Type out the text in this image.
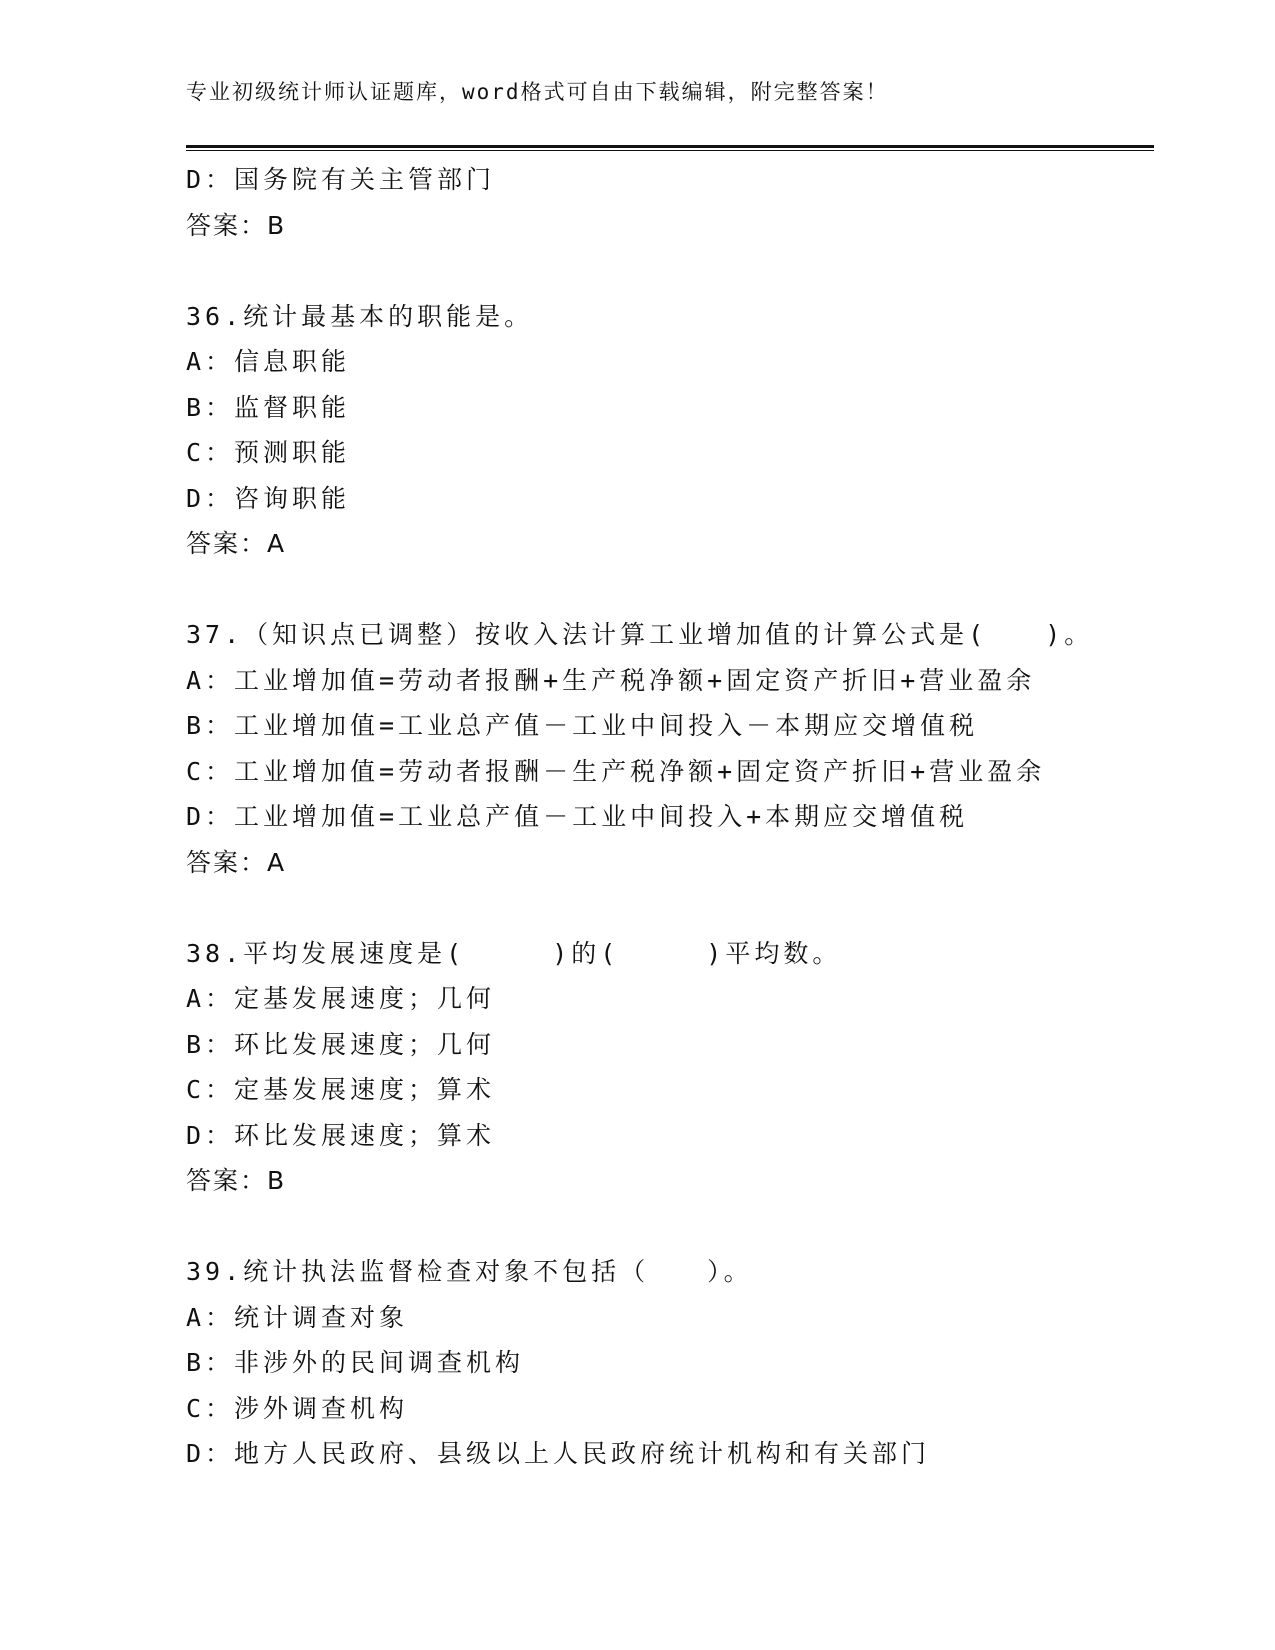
专业初级统计师认证题库，word格式可自由下载编辑，附完整答案！
D：国务院有关主管部门
答案：B
36.统计最基本的职能是。
A：信息职能
B：监督职能
C：预测职能
D：咨询职能
答案：A
37.（知识点已调整）按收入法计算工业增加值的计算公式是(　　)。
A：工业增加值=劳动者报酬+生产税净额+固定资产折旧+营业盈余
B：工业增加值=工业总产值－工业中间投入－本期应交增值税
C：工业增加值=劳动者报酬－生产税净额+固定资产折旧+营业盈余
D：工业增加值=工业总产值－工业中间投入+本期应交增值税
答案：A
38.平均发展速度是(　　　)的(　　　)平均数。
A：定基发展速度；几何
B：环比发展速度；几何
C：定基发展速度；算术
D：环比发展速度；算术
答案：B
39.统计执法监督检查对象不包括（　　）。
A：统计调查对象
B：非涉外的民间调查机构
C：涉外调查机构
D：地方人民政府、县级以上人民政府统计机构和有关部门
